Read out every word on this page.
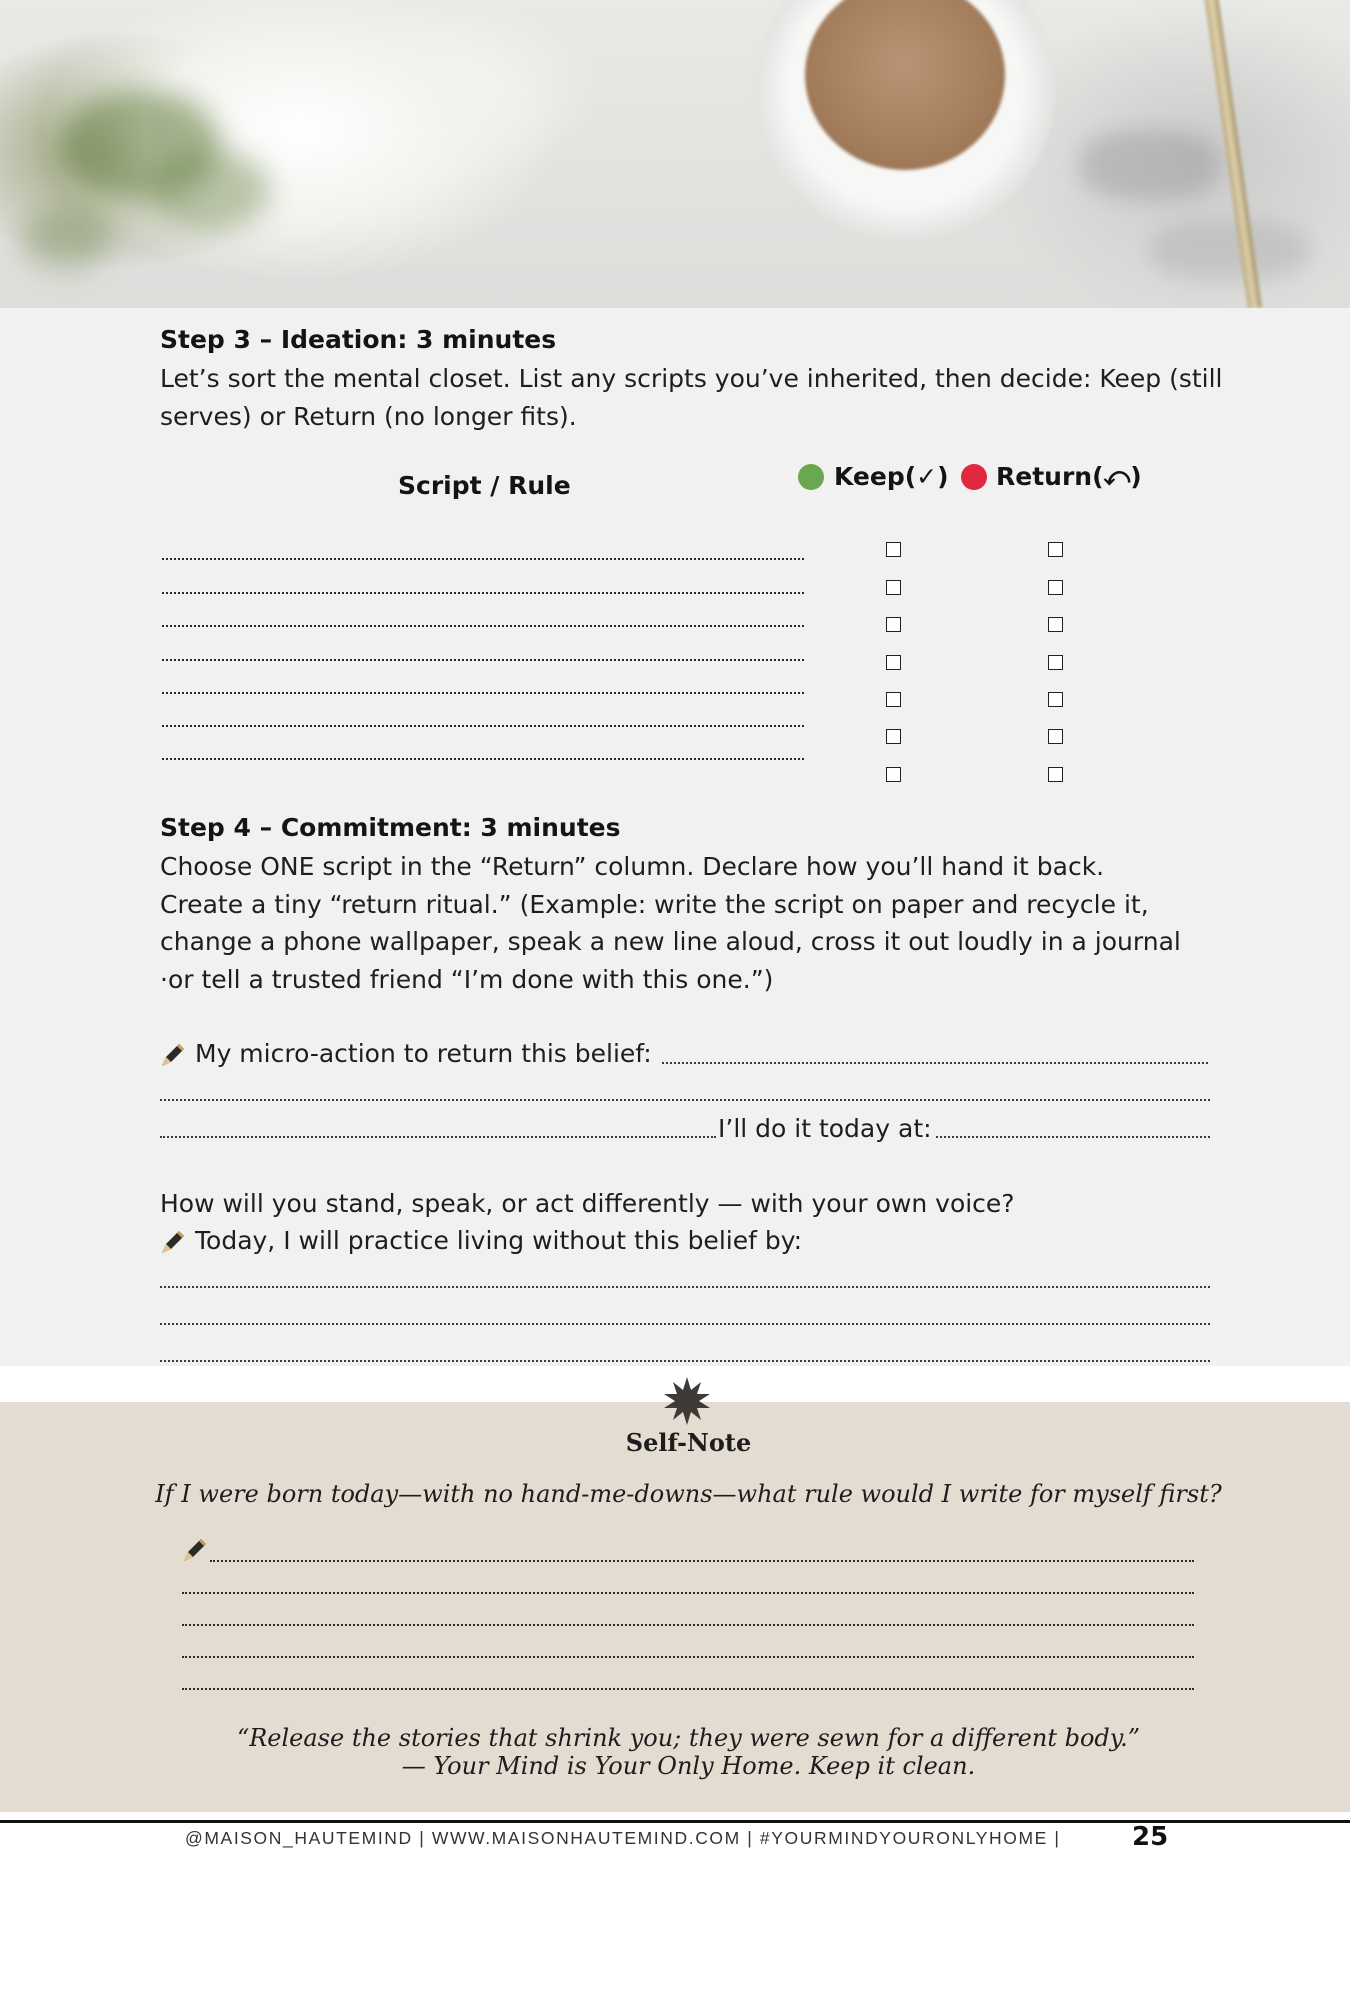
Step 3 – Ideation: 3 minutes
Let’s sort the mental closet. List any scripts you’ve inherited, then decide: Keep (still
serves) or Return (no longer fits).
Script / Rule	Keep(✓) Return(⤺)
Step 4 – Commitment: 3 minutes
Choose ONE script in the “Return” column. Declare how you’ll hand it back.
Create a tiny “return ritual.” (Example: write the script on paper and recycle it,
change a phone wallpaper, speak a new line aloud, cross it out loudly in a journal
·or tell a trusted friend “I’m done with this one.”)
My micro-action to return this belief:
I’ll do it today at:
How will you stand, speak, or act differently — with your own voice?
Today, I will practice living without this belief by:
Self-Note
If I were born today—with no hand-me-downs—what rule would I write for myself first?
“Release the stories that shrink you; they were sewn for a different body.”
— Your Mind is Your Only Home. Keep it clean.
@MAISON_HAUTEMIND | WWW.MAISONHAUTEMIND.COM | #YOURMINDYOURONLYHOME |	25
